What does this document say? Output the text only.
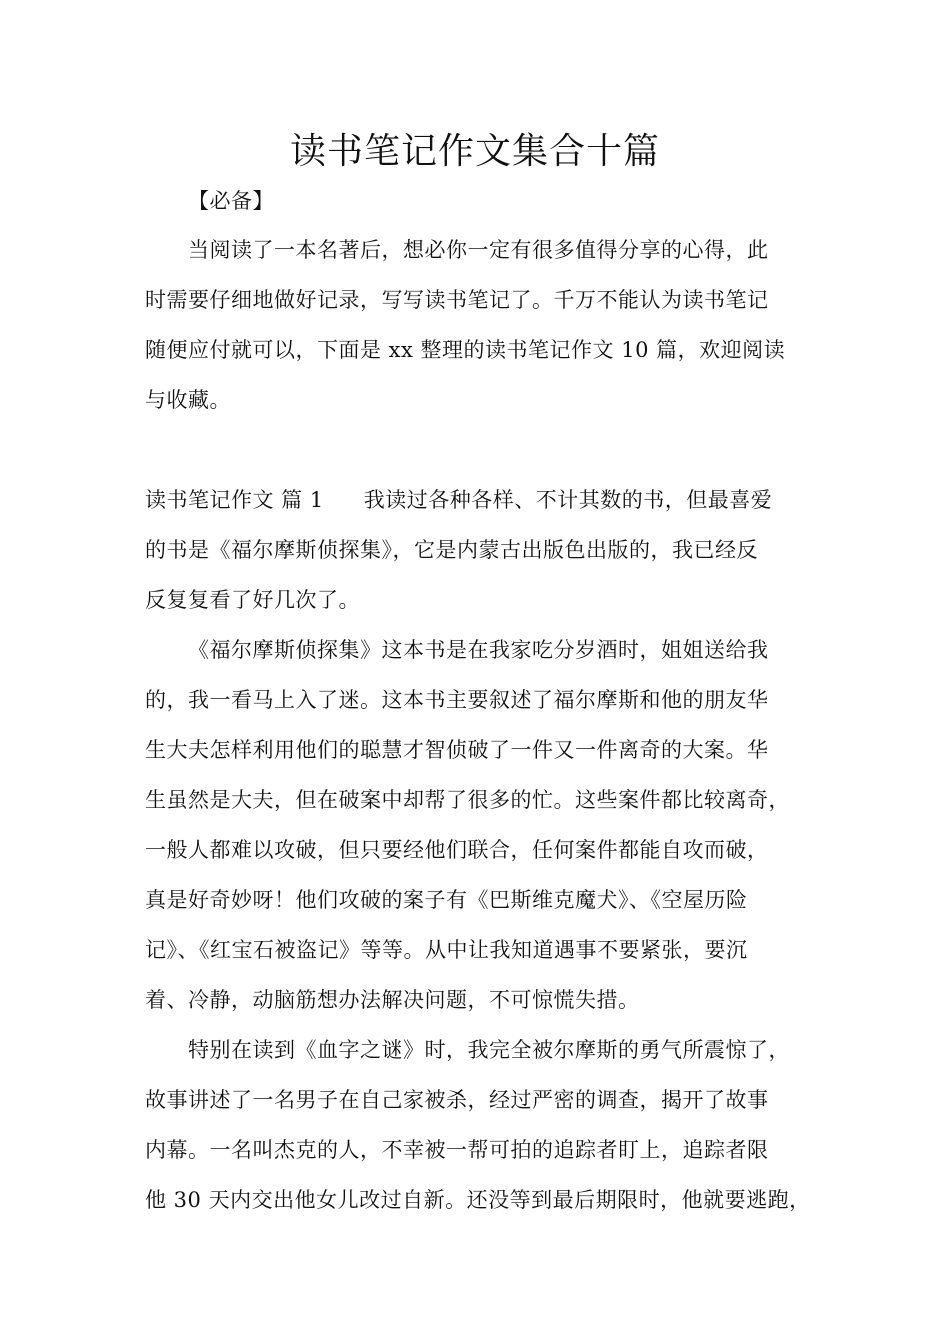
读书笔记作文集合十篇
【必备】
当阅读了一本名著后，想必你一定有很多值得分享的心得，此
时需要仔细地做好记录，写写读书笔记了。千万不能认为读书笔记
随便应付就可以，下面是 xx 整理的读书笔记作文 10 篇，欢迎阅读
与收藏。
读书笔记作文 篇 1 我读过各种各样、不计其数的书，但最喜爱
的书是《福尔摩斯侦探集》，它是内蒙古出版色出版的，我已经反
反复复看了好几次了。
《福尔摩斯侦探集》这本书是在我家吃分岁酒时，姐姐送给我
的，我一看马上入了迷。这本书主要叙述了福尔摩斯和他的朋友华
生大夫怎样利用他们的聪慧才智侦破了一件又一件离奇的大案。华
生虽然是大夫，但在破案中却帮了很多的忙。这些案件都比较离奇，
一般人都难以攻破，但只要经他们联合，任何案件都能自攻而破，
真是好奇妙呀！他们攻破的案子有《巴斯维克魔犬》、《空屋历险
记》、《红宝石被盗记》等等。从中让我知道遇事不要紧张，要沉
着、冷静，动脑筋想办法解决问题，不可惊慌失措。
特别在读到《血字之谜》时，我完全被尔摩斯的勇气所震惊了，
故事讲述了一名男子在自己家被杀，经过严密的调查，揭开了故事
内幕。一名叫杰克的人，不幸被一帮可拍的追踪者盯上，追踪者限
他 30 天内交出他女儿改过自新。还没等到最后期限时，他就要逃跑，
